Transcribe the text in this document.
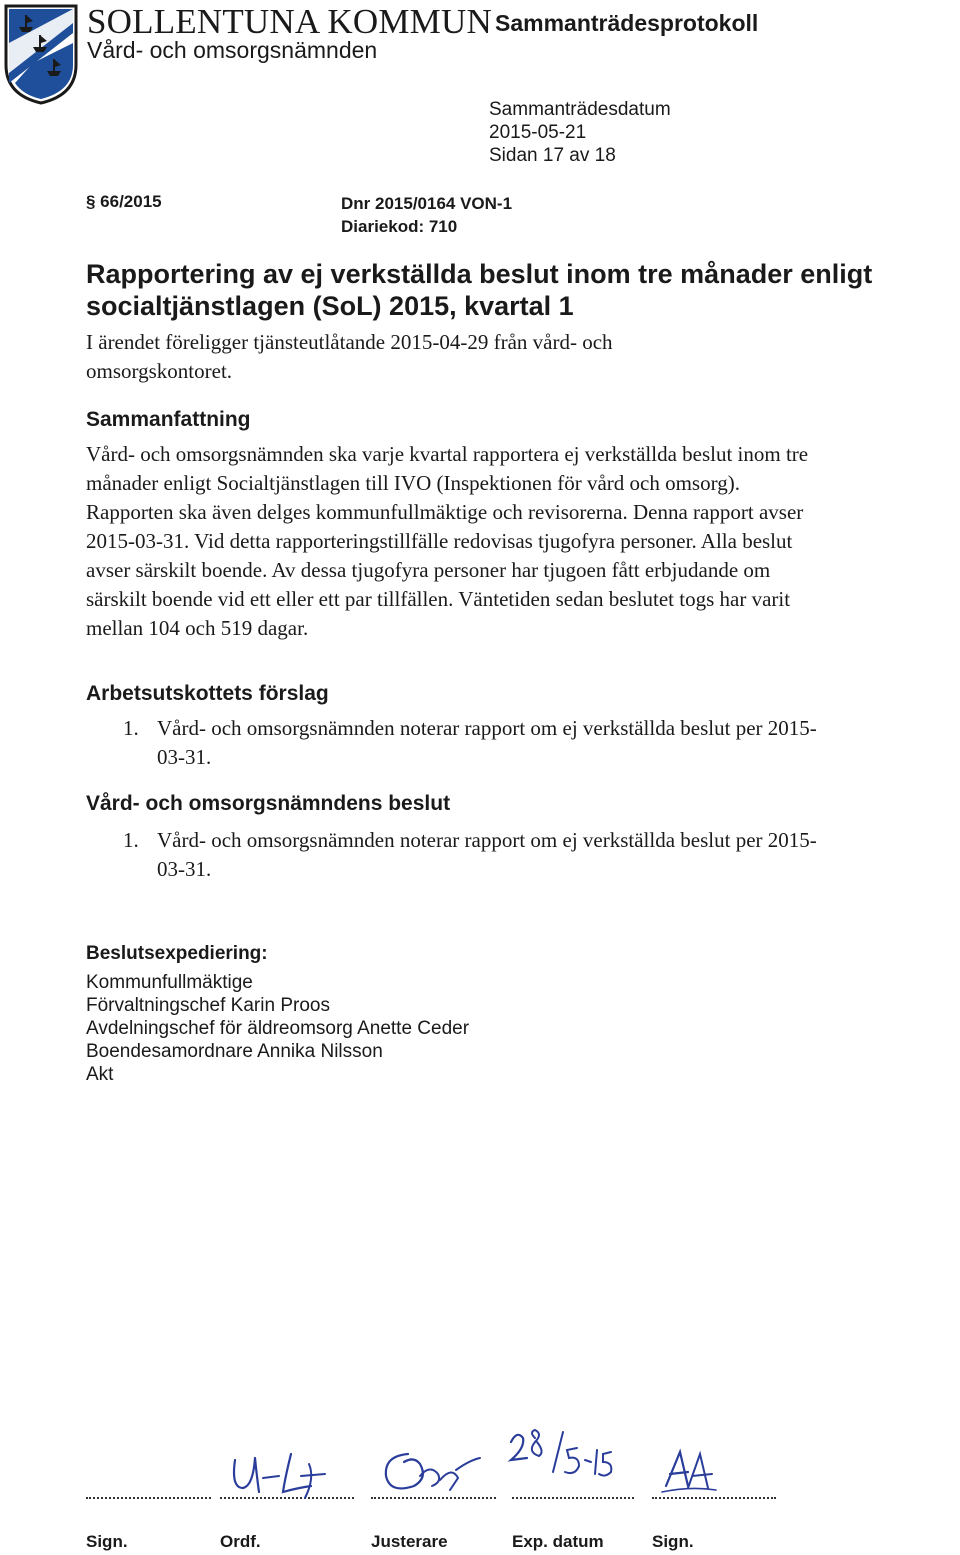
SOLLENTUNA KOMMUN
Vård- och omsorgsnämnden
Sammanträdesprotokoll
Sammanträdesdatum
2015-05-21
Sidan 17 av 18
§ 66/2015	Dnr 2015/0164 VON-1
Diariekod: 710
Rapportering av ej verkställda beslut inom tre månader enligt socialtjänstlagen (SoL) 2015, kvartal 1

I ärendet föreligger tjänsteutlåtande 2015-04-29 från vård- och omsorgskontoret.

Sammanfattning

Vård- och omsorgsnämnden ska varje kvartal rapportera ej verkställda beslut inom tre månader enligt Socialtjänstlagen till IVO (Inspektionen för vård och omsorg). Rapporten ska även delges kommunfullmäktige och revisorerna. Denna rapport avser 2015-03-31. Vid detta rapporteringstillfälle redovisas tjugofyra personer. Alla beslut avser särskilt boende. Av dessa tjugofyra personer har tjugoen fått erbjudande om särskilt boende vid ett eller ett par tillfällen. Väntetiden sedan beslutet togs har varit mellan 104 och 519 dagar.

Arbetsutskottets förslag
1. Vård- och omsorgsnämnden noterar rapport om ej verkställda beslut per 2015-03-31.
Vård- och omsorgsnämndens beslut
1. Vård- och omsorgsnämnden noterar rapport om ej verkställda beslut per 2015-03-31.
Beslutsexpediering:
Kommunfullmäktige
Förvaltningschef Karin Proos
Avdelningschef för äldreomsorg Anette Ceder
Boendesamordnare Annika Nilsson
Akt
Sign.	Ordf.	Justerare	Exp. datum	Sign.
